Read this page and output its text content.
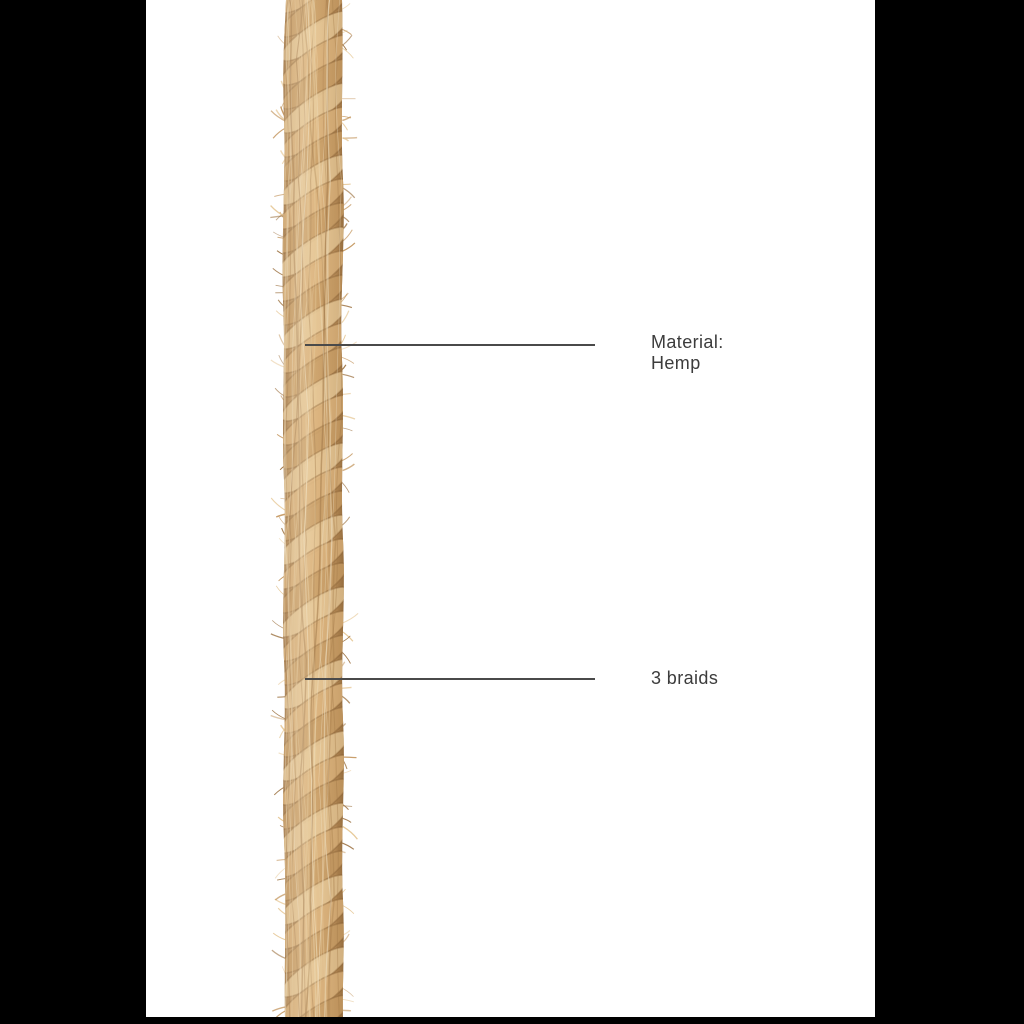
Material:
Hemp
3 braids
